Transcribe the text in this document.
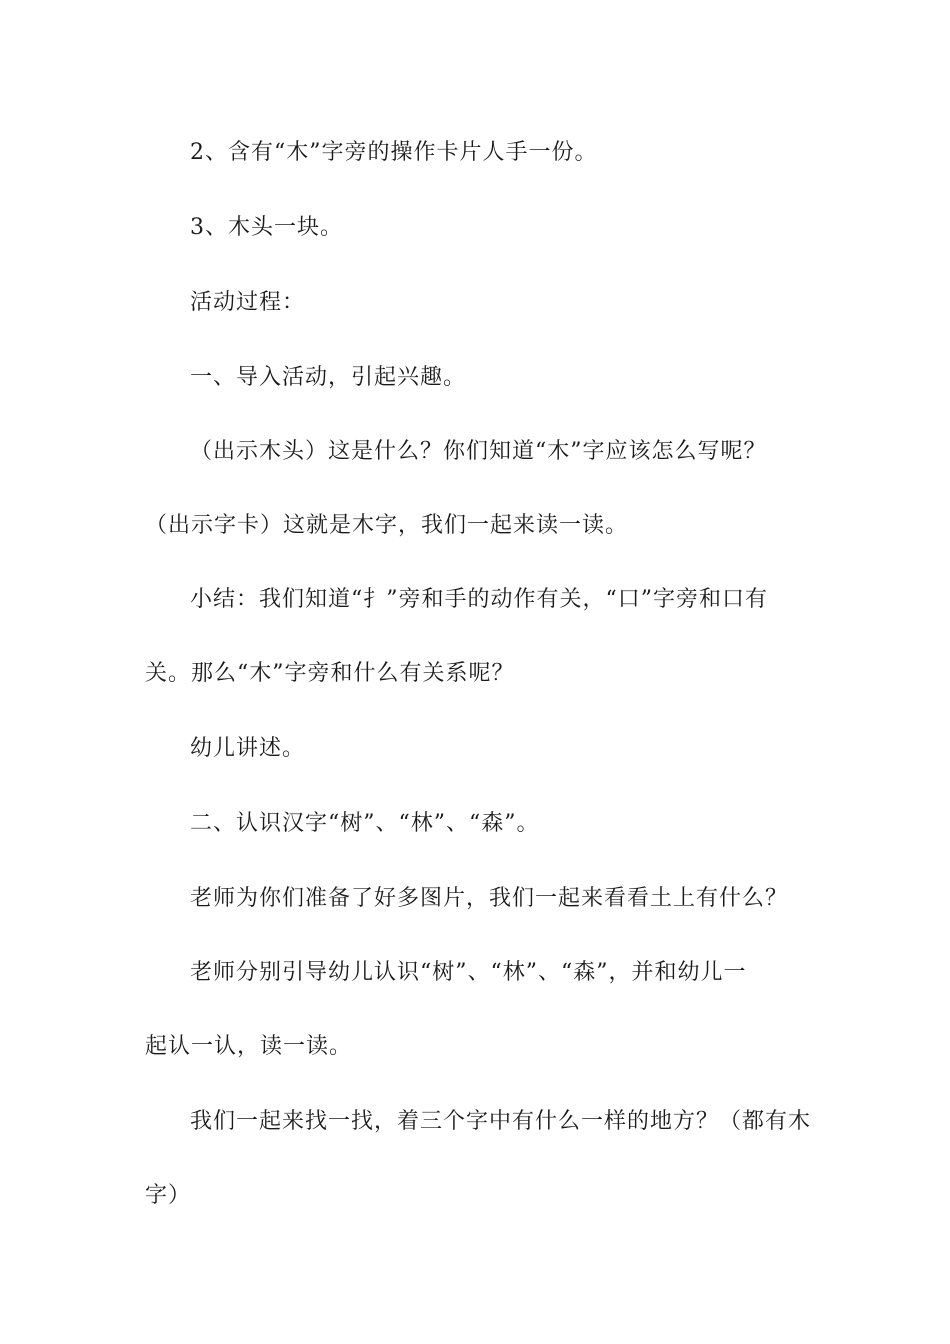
2、含有“木”字旁的操作卡片人手一份。
3、木头一块。
活动过程：
一、导入活动，引起兴趣。
（出示木头）这是什么？你们知道“木”字应该怎么写呢？
（出示字卡）这就是木字，我们一起来读一读。
小结：我们知道“扌”旁和手的动作有关，“口”字旁和口有
关。那么“木”字旁和什么有关系呢？
幼儿讲述。
二、认识汉字“树”、“林”、“森”。
老师为你们准备了好多图片，我们一起来看看土上有什么？
老师分别引导幼儿认识“树”、“林”、“森”，并和幼儿一
起认一认，读一读。
我们一起来找一找，着三个字中有什么一样的地方？（都有木
字）
